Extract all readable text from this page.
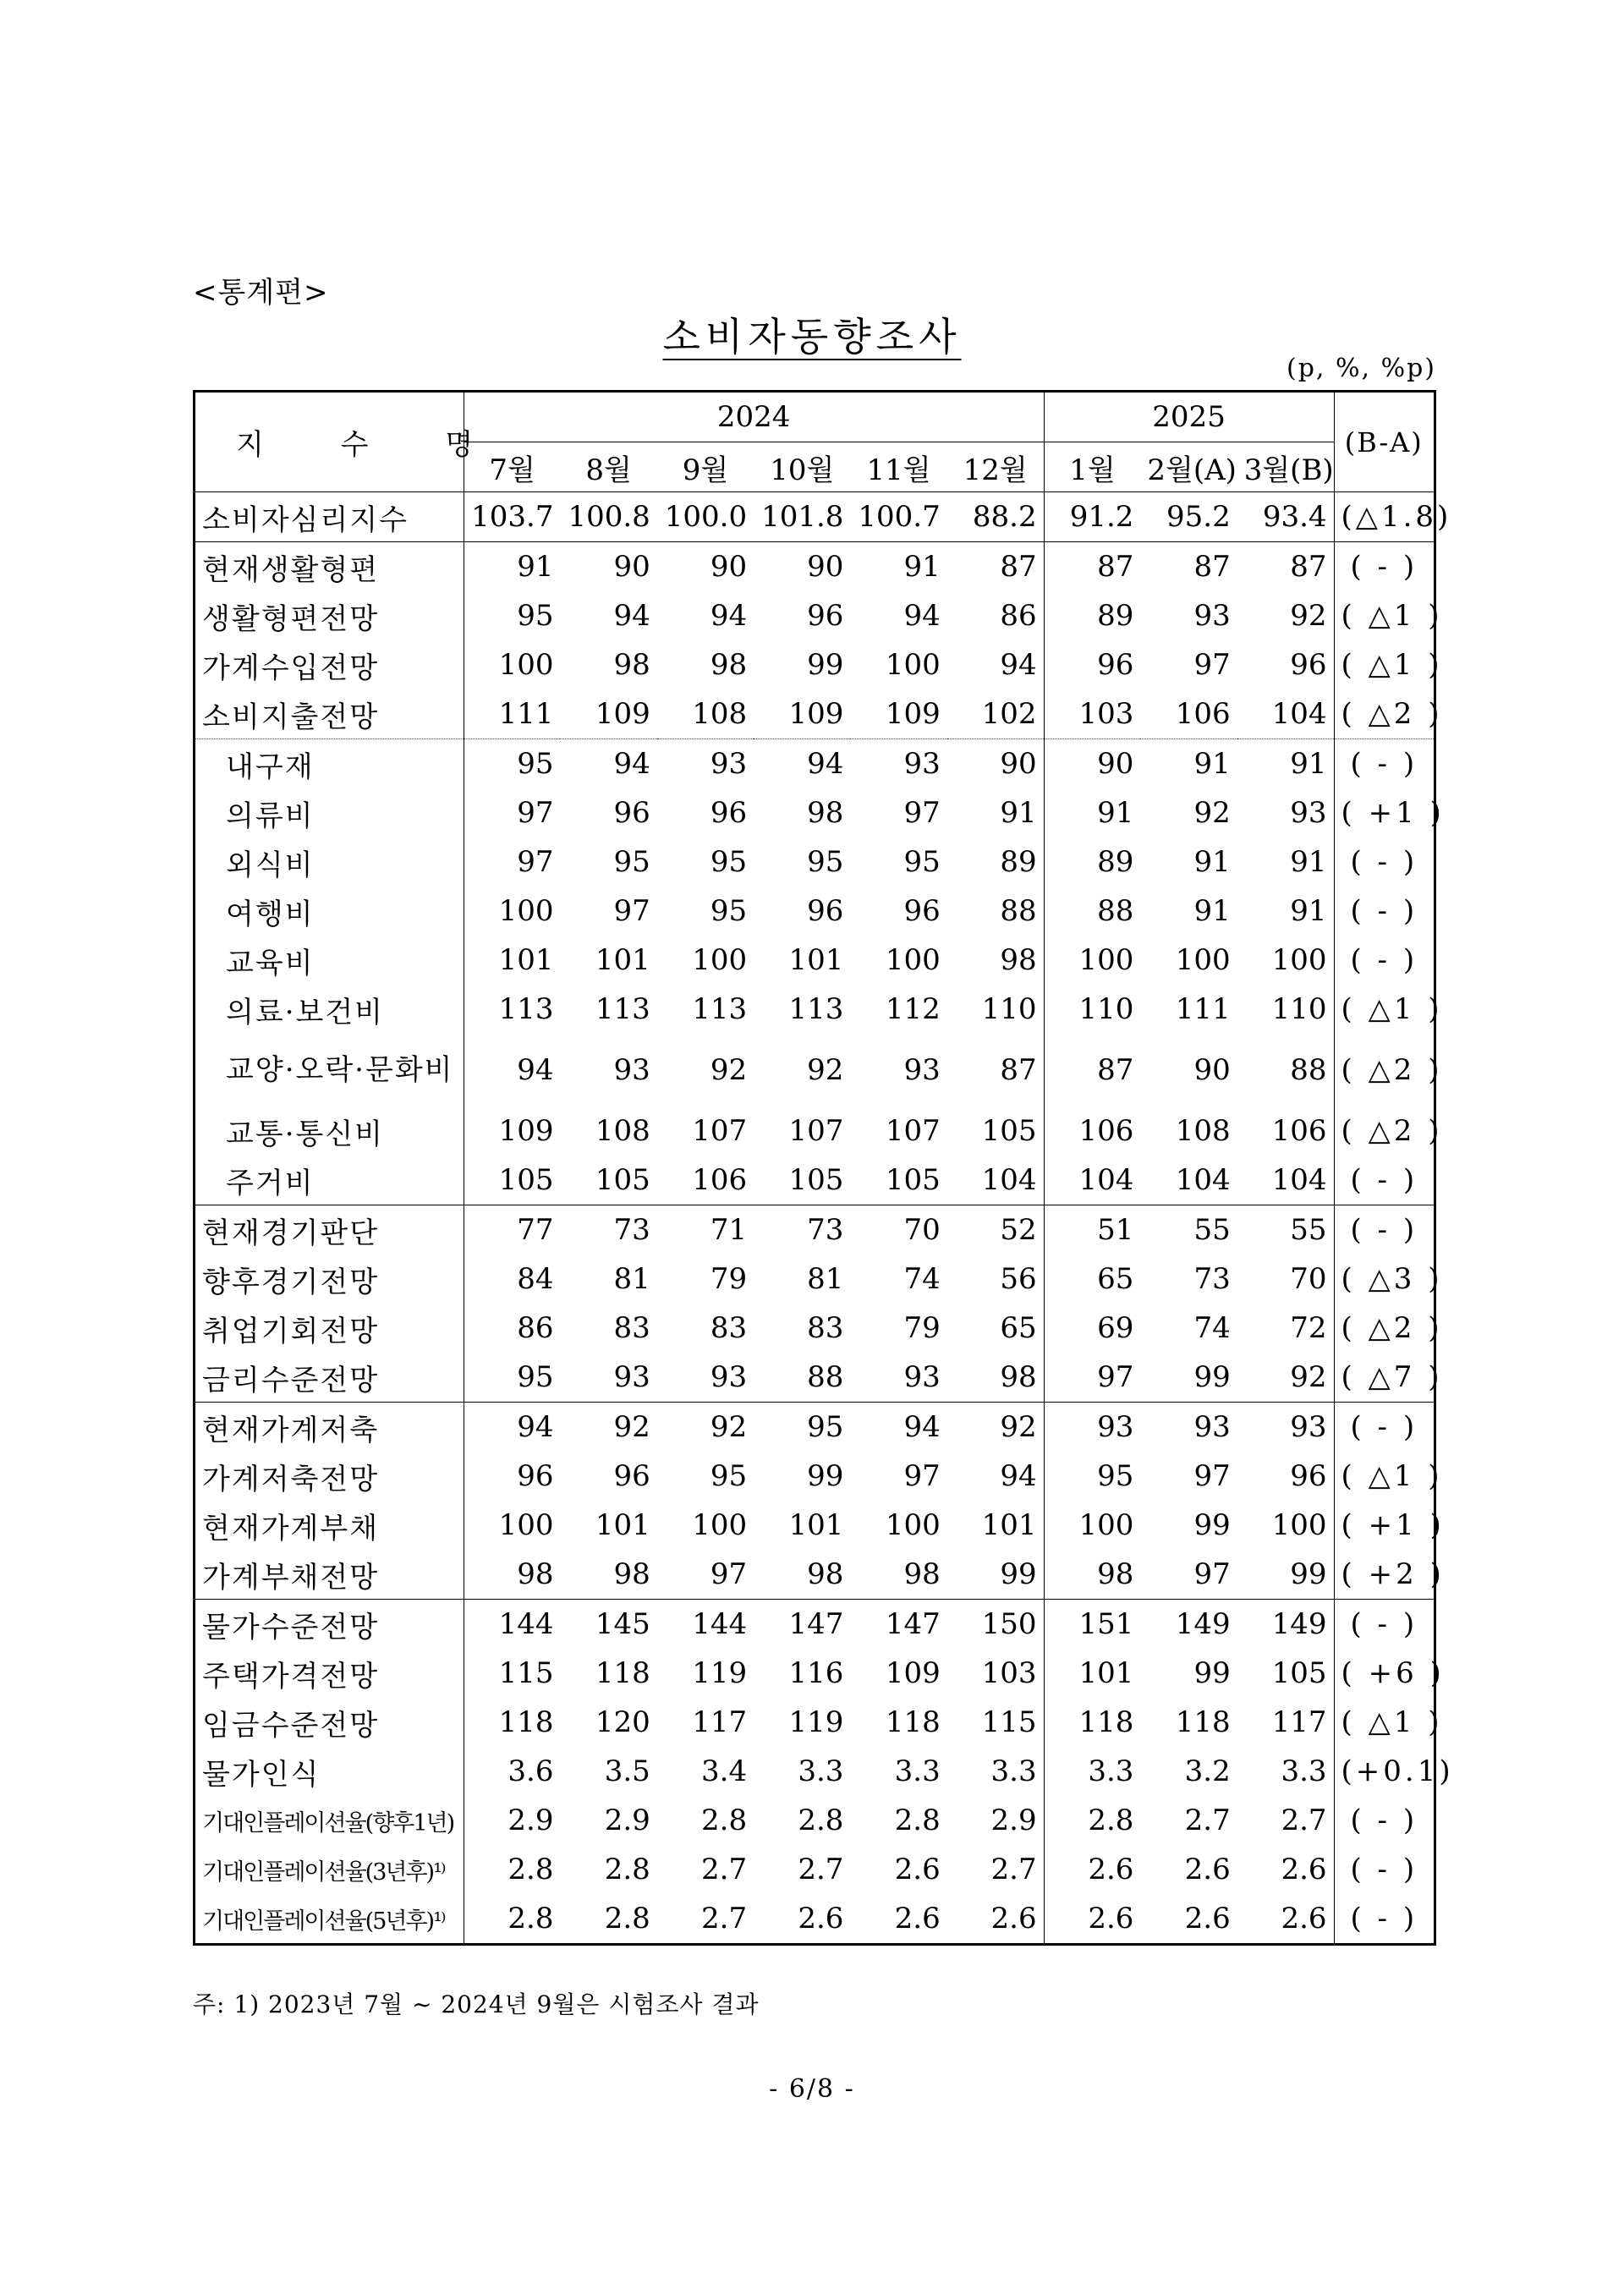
<통계편>
소비자동향조사
(p, %, %p)
지 수 명	2024						2025			(B-A)
	7월	8월	9월	10월	11월	12월	1월	2월(A)	3월(B)	
소비자심리지수	103.7	100.8	100.0	101.8	100.7	88.2	91.2	95.2	93.4	(△1.8)
현재생활형편	91	90	90	90	91	87	87	87	87	( - )
생활형편전망	95	94	94	96	94	86	89	93	92	( △1 )
가계수입전망	100	98	98	99	100	94	96	97	96	( △1 )
소비지출전망	111	109	108	109	109	102	103	106	104	( △2 )
내구재	95	94	93	94	93	90	90	91	91	( - )
의류비	97	96	96	98	97	91	91	92	93	( +1 )
외식비	97	95	95	95	95	89	89	91	91	( - )
여행비	100	97	95	96	96	88	88	91	91	( - )
교육비	101	101	100	101	100	98	100	100	100	( - )
의료·보건비	113	113	113	113	112	110	110	111	110	( △1 )
교양·오락·문화비	94	93	92	92	93	87	87	90	88	( △2 )
교통·통신비	109	108	107	107	107	105	106	108	106	( △2 )
주거비	105	105	106	105	105	104	104	104	104	( - )
현재경기판단	77	73	71	73	70	52	51	55	55	( - )
향후경기전망	84	81	79	81	74	56	65	73	70	( △3 )
취업기회전망	86	83	83	83	79	65	69	74	72	( △2 )
금리수준전망	95	93	93	88	93	98	97	99	92	( △7 )
현재가계저축	94	92	92	95	94	92	93	93	93	( - )
가계저축전망	96	96	95	99	97	94	95	97	96	( △1 )
현재가계부채	100	101	100	101	100	101	100	99	100	( +1 )
가계부채전망	98	98	97	98	98	99	98	97	99	( +2 )
물가수준전망	144	145	144	147	147	150	151	149	149	( - )
주택가격전망	115	118	119	116	109	103	101	99	105	( +6 )
임금수준전망	118	120	117	119	118	115	118	118	117	( △1 )
물가인식	3.6	3.5	3.4	3.3	3.3	3.3	3.3	3.2	3.3	(+0.1)
기대인플레이션율(향후1년)	2.9	2.9	2.8	2.8	2.8	2.9	2.8	2.7	2.7	( - )
기대인플레이션율(3년후)¹⁾	2.8	2.8	2.7	2.7	2.6	2.7	2.6	2.6	2.6	( - )
기대인플레이션율(5년후)¹⁾	2.8	2.8	2.7	2.6	2.6	2.6	2.6	2.6	2.6	( - )
주: 1) 2023년 7월 ~ 2024년 9월은 시험조사 결과
- 6/8 -
